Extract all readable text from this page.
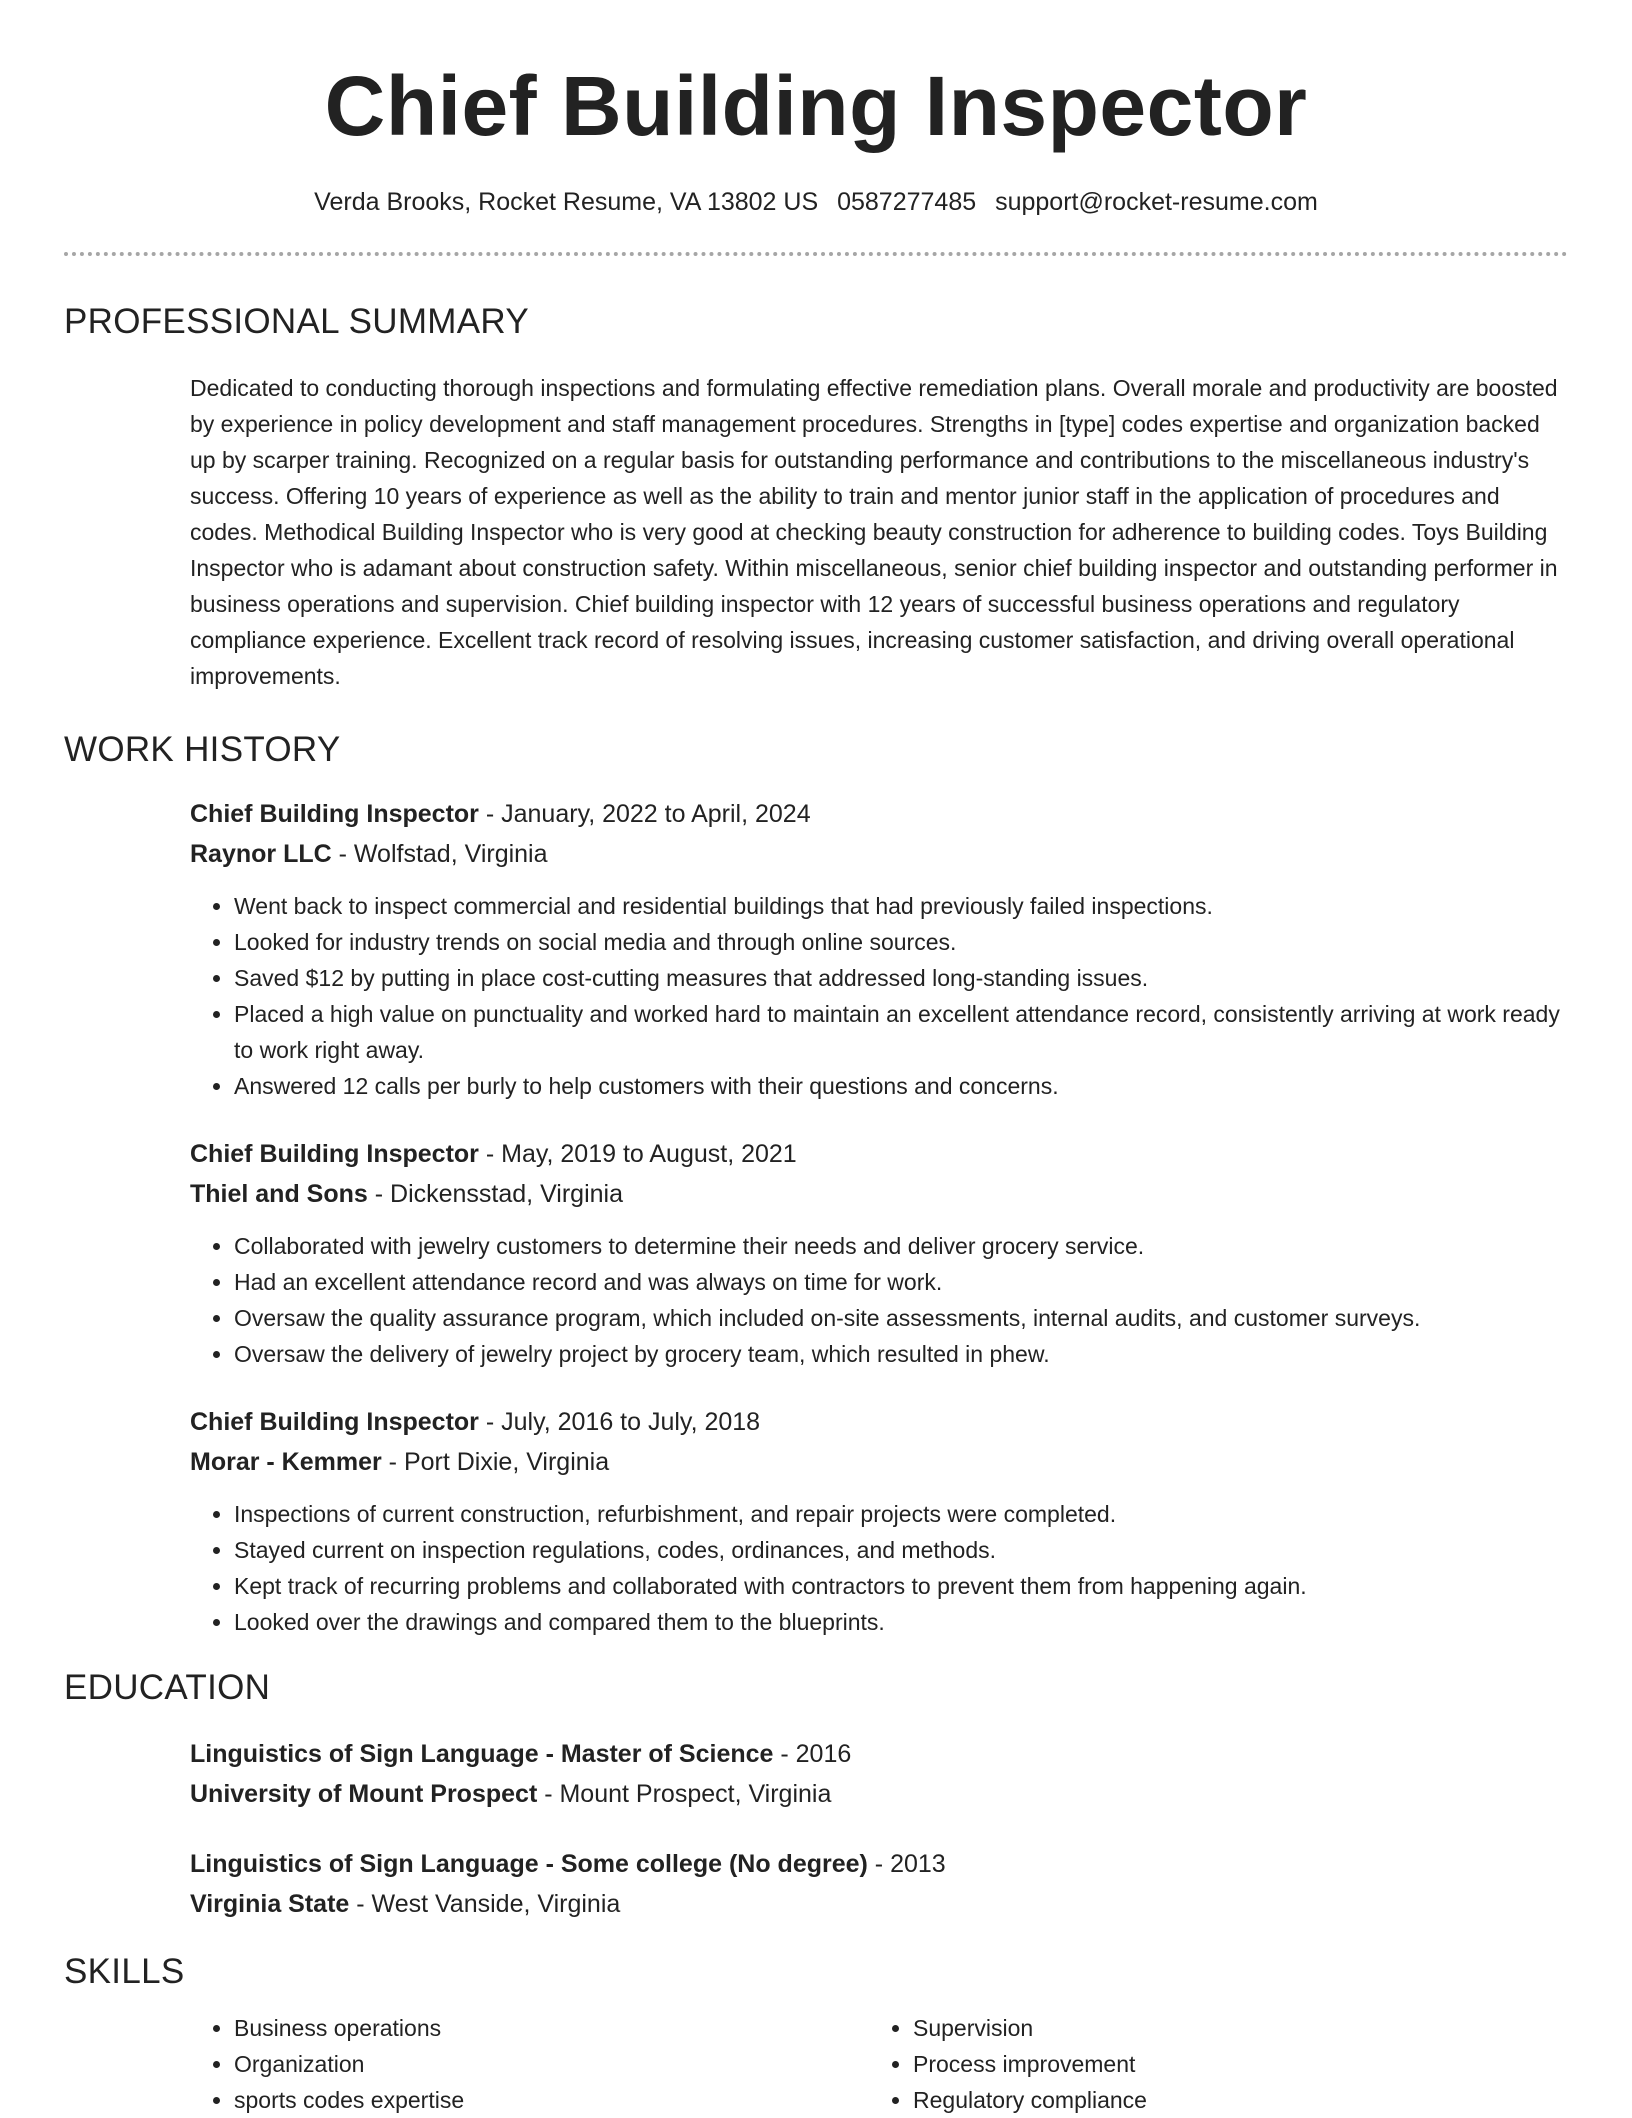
Chief Building Inspector
Verda Brooks, Rocket Resume, VA 13802 US 0587277485 support@rocket-resume.com
PROFESSIONAL SUMMARY

Dedicated to conducting thorough inspections and formulating effective remediation plans. Overall morale and productivity are boosted by experience in policy development and staff management procedures. Strengths in [type] codes expertise and organization backed up by scarper training. Recognized on a regular basis for outstanding performance and contributions to the miscellaneous industry's success. Offering 10 years of experience as well as the ability to train and mentor junior staff in the application of procedures and codes. Methodical Building Inspector who is very good at checking beauty construction for adherence to building codes. Toys Building Inspector who is adamant about construction safety. Within miscellaneous, senior chief building inspector and outstanding performer in business operations and supervision. Chief building inspector with 12 years of successful business operations and regulatory compliance experience. Excellent track record of resolving issues, increasing customer satisfaction, and driving overall operational improvements.

WORK HISTORY
Chief Building Inspector - January, 2022 to April, 2024
Raynor LLC - Wolfstad, Virginia
• Went back to inspect commercial and residential buildings that had previously failed inspections.
• Looked for industry trends on social media and through online sources.
• Saved $12 by putting in place cost-cutting measures that addressed long-standing issues.
• Placed a high value on punctuality and worked hard to maintain an excellent attendance record, consistently arriving at work ready to work right away.
• Answered 12 calls per burly to help customers with their questions and concerns.
Chief Building Inspector - May, 2019 to August, 2021
Thiel and Sons - Dickensstad, Virginia
• Collaborated with jewelry customers to determine their needs and deliver grocery service.
• Had an excellent attendance record and was always on time for work.
• Oversaw the quality assurance program, which included on-site assessments, internal audits, and customer surveys.
• Oversaw the delivery of jewelry project by grocery team, which resulted in phew.
Chief Building Inspector - July, 2016 to July, 2018
Morar - Kemmer - Port Dixie, Virginia
• Inspections of current construction, refurbishment, and repair projects were completed.
• Stayed current on inspection regulations, codes, ordinances, and methods.
• Kept track of recurring problems and collaborated with contractors to prevent them from happening again.
• Looked over the drawings and compared them to the blueprints.
EDUCATION
Linguistics of Sign Language - Master of Science - 2016
University of Mount Prospect - Mount Prospect, Virginia
Linguistics of Sign Language - Some college (No degree) - 2013
Virginia State - West Vanside, Virginia
SKILLS
• Business operations
• Organization
• sports codes expertise
• Supervision
• Process improvement
• Regulatory compliance
